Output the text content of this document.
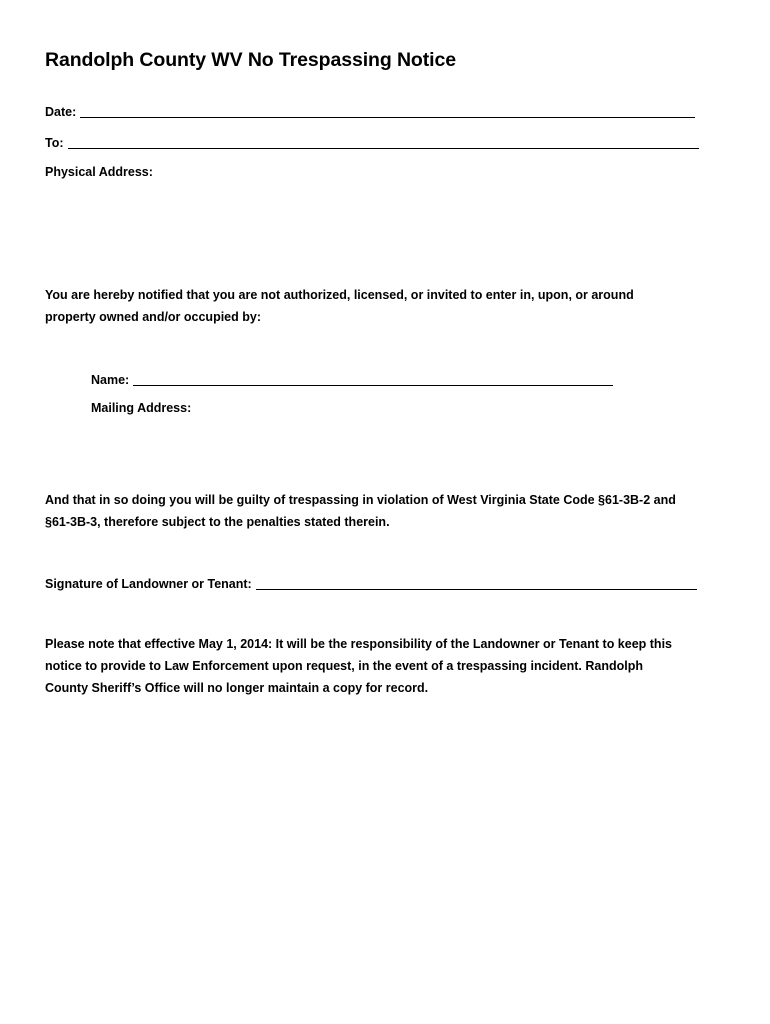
Randolph County WV No Trespassing Notice
Date:
To:
Physical Address:
You are hereby notified that you are not authorized, licensed, or invited to enter in, upon, or around
property owned and/or occupied by:
Name:
Mailing Address:
And that in so doing you will be guilty of trespassing in violation of West Virginia State Code §61-3B-2 and
§61-3B-3, therefore subject to the penalties stated therein.
Signature of Landowner or Tenant:
Please note that effective May 1, 2014: It will be the responsibility of the Landowner or Tenant to keep this
notice to provide to Law Enforcement upon request, in the event of a trespassing incident. Randolph
County Sheriff’s Office will no longer maintain a copy for record.
